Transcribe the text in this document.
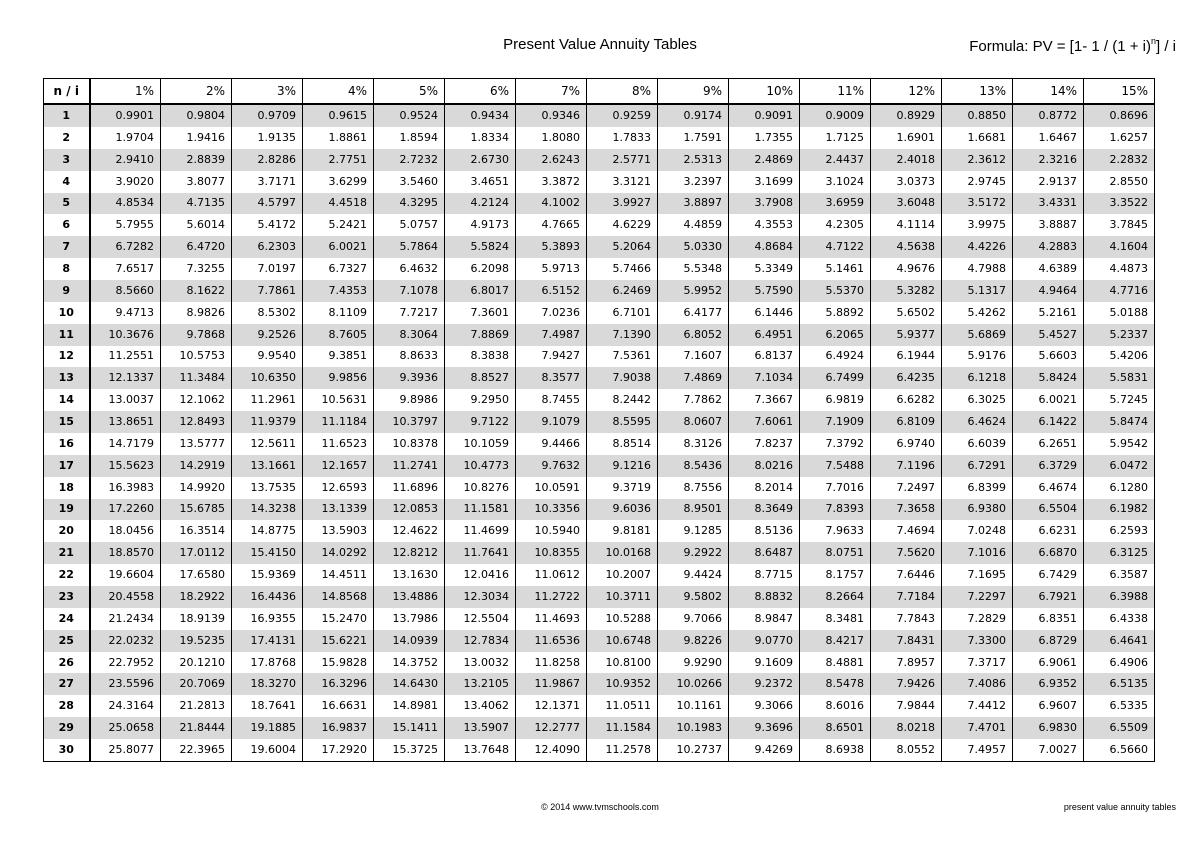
Present Value Annuity Tables	Formula: PV = [1- $1 / (1 + i)^n] / i$
n / i	1%	2%	3%	4%	5%	6%	7%	8%	9%	10%	11%	12%	13%	14%	15%
1	0.9901	0.9804	0.9709	0.9615	0.9524	0.9434	0.9346	0.9259	0.9174	0.9091	0.9009	0.8929	0.8850	0.8772	0.8696
2	1.9704	1.9416	1.9135	1.8861	1.8594	1.8334	1.8080	1.7833	1.7591	1.7355	1.7125	1.6901	1.6681	1.6467	1.6257
3	2.9410	2.8839	2.8286	2.7751	2.7232	2.6730	2.6243	2.5771	2.5313	2.4869	2.4437	2.4018	2.3612	2.3216	2.2832
4	3.9020	3.8077	3.7171	3.6299	3.5460	3.4651	3.3872	3.3121	3.2397	3.1699	3.1024	3.0373	2.9745	2.9137	2.8550
5	4.8534	4.7135	4.5797	4.4518	4.3295	4.2124	4.1002	3.9927	3.8897	3.7908	3.6959	3.6048	3.5172	3.4331	3.3522
6	5.7955	5.6014	5.4172	5.2421	5.0757	4.9173	4.7665	4.6229	4.4859	4.3553	4.2305	4.1114	3.9975	3.8887	3.7845
7	6.7282	6.4720	6.2303	6.0021	5.7864	5.5824	5.3893	5.2064	5.0330	4.8684	4.7122	4.5638	4.4226	4.2883	4.1604
8	7.6517	7.3255	7.0197	6.7327	6.4632	6.2098	5.9713	5.7466	5.5348	5.3349	5.1461	4.9676	4.7988	4.6389	4.4873
9	8.5660	8.1622	7.7861	7.4353	7.1078	6.8017	6.5152	6.2469	5.9952	5.7590	5.5370	5.3282	5.1317	4.9464	4.7716
10	9.4713	8.9826	8.5302	8.1109	7.7217	7.3601	7.0236	6.7101	6.4177	6.1446	5.8892	5.6502	5.4262	5.2161	5.0188
11	10.3676	9.7868	9.2526	8.7605	8.3064	7.8869	7.4987	7.1390	6.8052	6.4951	6.2065	5.9377	5.6869	5.4527	5.2337
12	11.2551	10.5753	9.9540	9.3851	8.8633	8.3838	7.9427	7.5361	7.1607	6.8137	6.4924	6.1944	5.9176	5.6603	5.4206
13	12.1337	11.3484	10.6350	9.9856	9.3936	8.8527	8.3577	7.9038	7.4869	7.1034	6.7499	6.4235	6.1218	5.8424	5.5831
14	13.0037	12.1062	11.2961	10.5631	9.8986	9.2950	8.7455	8.2442	7.7862	7.3667	6.9819	6.6282	6.3025	6.0021	5.7245
15	13.8651	12.8493	11.9379	11.1184	10.3797	9.7122	9.1079	8.5595	8.0607	7.6061	7.1909	6.8109	6.4624	6.1422	5.8474
16	14.7179	13.5777	12.5611	11.6523	10.8378	10.1059	9.4466	8.8514	8.3126	7.8237	7.3792	6.9740	6.6039	6.2651	5.9542
17	15.5623	14.2919	13.1661	12.1657	11.2741	10.4773	9.7632	9.1216	8.5436	8.0216	7.5488	7.1196	6.7291	6.3729	6.0472
18	16.3983	14.9920	13.7535	12.6593	11.6896	10.8276	10.0591	9.3719	8.7556	8.2014	7.7016	7.2497	6.8399	6.4674	6.1280
19	17.2260	15.6785	14.3238	13.1339	12.0853	11.1581	10.3356	9.6036	8.9501	8.3649	7.8393	7.3658	6.9380	6.5504	6.1982
20	18.0456	16.3514	14.8775	13.5903	12.4622	11.4699	10.5940	9.8181	9.1285	8.5136	7.9633	7.4694	7.0248	6.6231	6.2593
21	18.8570	17.0112	15.4150	14.0292	12.8212	11.7641	10.8355	10.0168	9.2922	8.6487	8.0751	7.5620	7.1016	6.6870	6.3125
22	19.6604	17.6580	15.9369	14.4511	13.1630	12.0416	11.0612	10.2007	9.4424	8.7715	8.1757	7.6446	7.1695	6.7429	6.3587
23	20.4558	18.2922	16.4436	14.8568	13.4886	12.3034	11.2722	10.3711	9.5802	8.8832	8.2664	7.7184	7.2297	6.7921	6.3988
24	21.2434	18.9139	16.9355	15.2470	13.7986	12.5504	11.4693	10.5288	9.7066	8.9847	8.3481	7.7843	7.2829	6.8351	6.4338
25	22.0232	19.5235	17.4131	15.6221	14.0939	12.7834	11.6536	10.6748	9.8226	9.0770	8.4217	7.8431	7.3300	6.8729	6.4641
26	22.7952	20.1210	17.8768	15.9828	14.3752	13.0032	11.8258	10.8100	9.9290	9.1609	8.4881	7.8957	7.3717	6.9061	6.4906
27	23.5596	20.7069	18.3270	16.3296	14.6430	13.2105	11.9867	10.9352	10.0266	9.2372	8.5478	7.9426	7.4086	6.9352	6.5135
28	24.3164	21.2813	18.7641	16.6631	14.8981	13.4062	12.1371	11.0511	10.1161	9.3066	8.6016	7.9844	7.4412	6.9607	6.5335
29	25.0658	21.8444	19.1885	16.9837	15.1411	13.5907	12.2777	11.1584	10.1983	9.3696	8.6501	8.0218	7.4701	6.9830	6.5509
30	25.8077	22.3965	19.6004	17.2920	15.3725	13.7648	12.4090	11.2578	10.2737	9.4269	8.6938	8.0552	7.4957	7.0027	6.5660
© 2014 www.tvmschools.com	present value annuity tables
